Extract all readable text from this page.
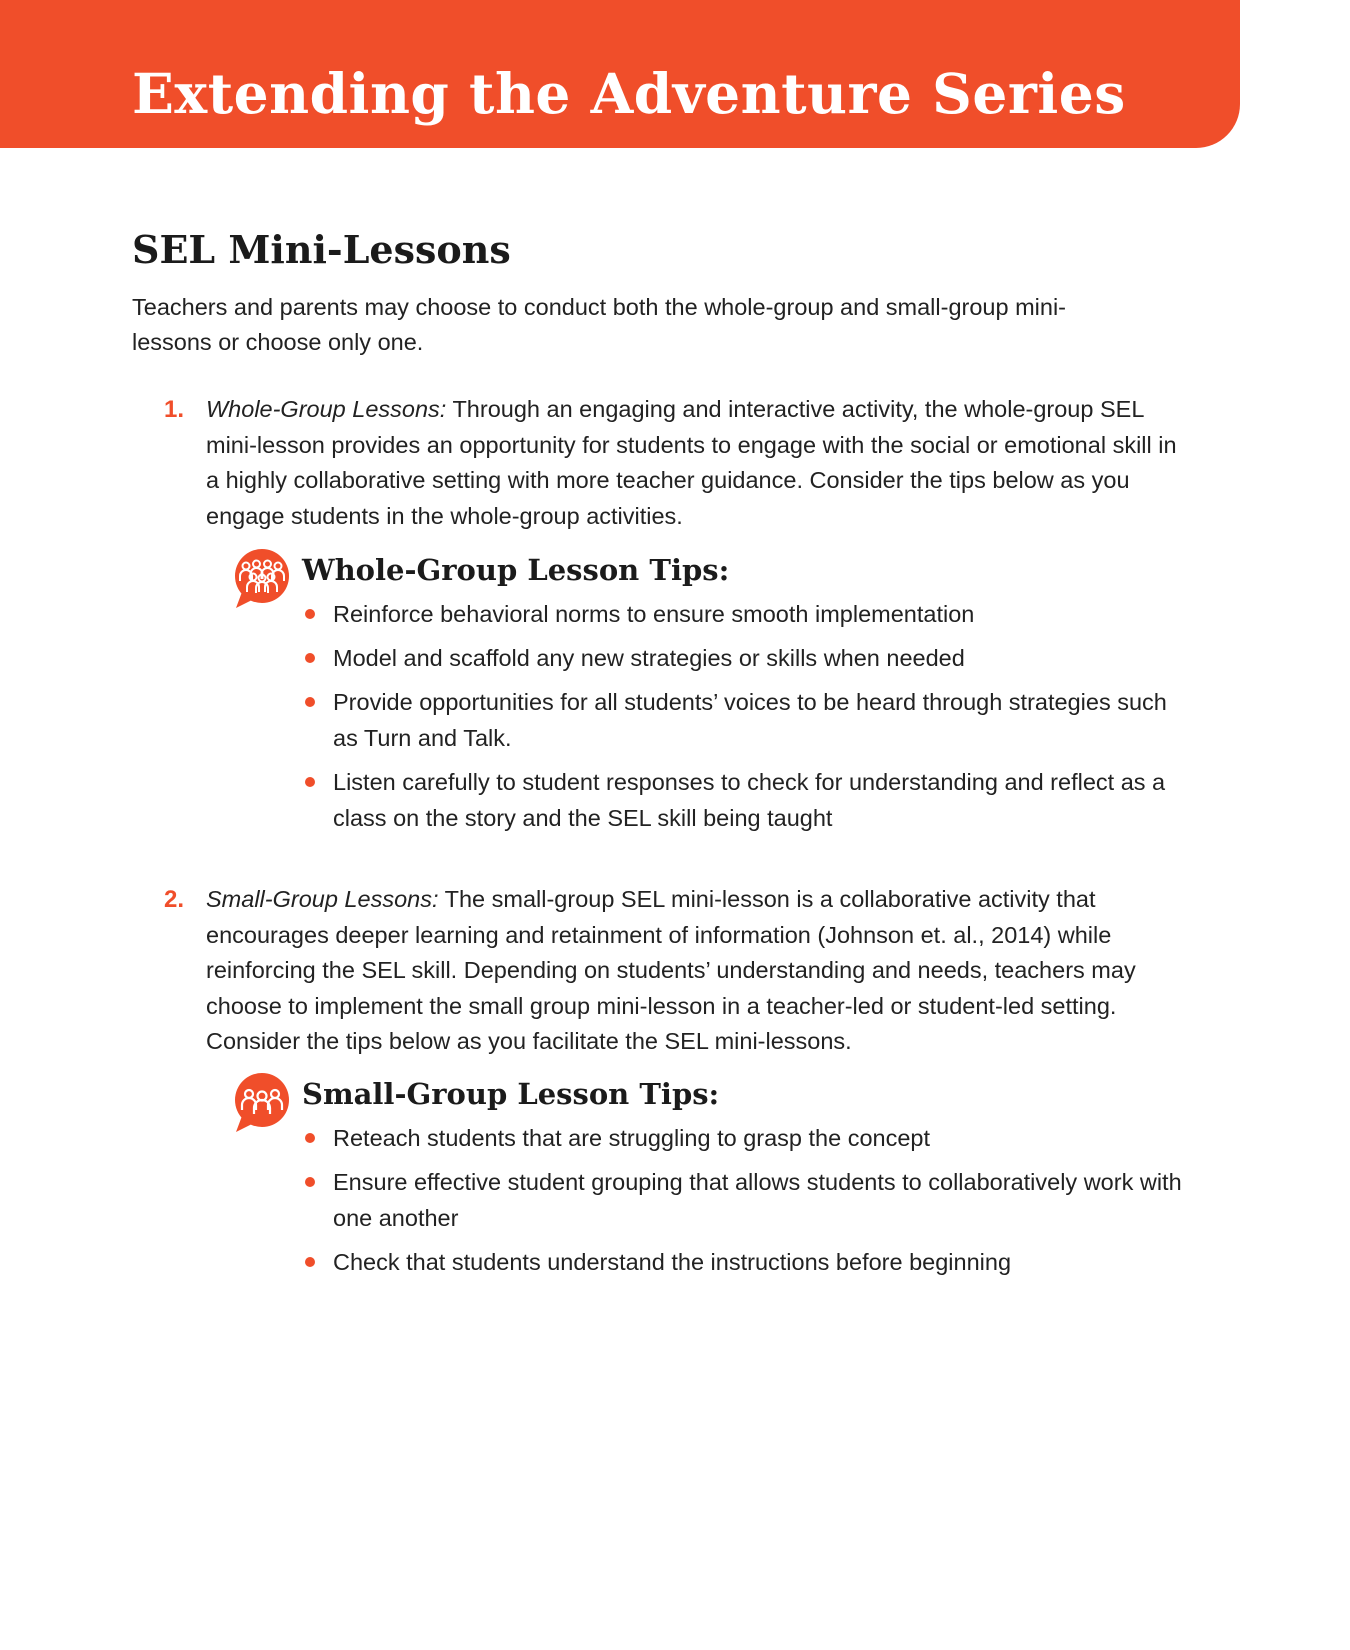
Extending the Adventure Series
SEL Mini-Lessons

Teachers and parents may choose to conduct both the whole-group and small-group mini-lessons or choose only one.

1. Whole-Group Lessons: Through an engaging and interactive activity, the whole-group SEL mini-lesson provides an opportunity for students to engage with the social or emotional skill in a highly collaborative setting with more teacher guidance. Consider the tips below as you engage students in the whole-group activities.

Whole-Group Lesson Tips:
Reinforce behavioral norms to ensure smooth implementation
Model and scaffold any new strategies or skills when needed
Provide opportunities for all students’ voices to be heard through strategies such as Turn and Talk.
Listen carefully to student responses to check for understanding and reflect as a class on the story and the SEL skill being taught
2. Small-Group Lessons: The small-group SEL mini-lesson is a collaborative activity that encourages deeper learning and retainment of information (Johnson et. al., 2014) while reinforcing the SEL skill. Depending on students’ understanding and needs, teachers may choose to implement the small group mini-lesson in a teacher-led or student-led setting. Consider the tips below as you facilitate the SEL mini-lessons.

Small-Group Lesson Tips:
Reteach students that are struggling to grasp the concept
Ensure effective student grouping that allows students to collaboratively work with one another
Check that students understand the instructions before beginning
